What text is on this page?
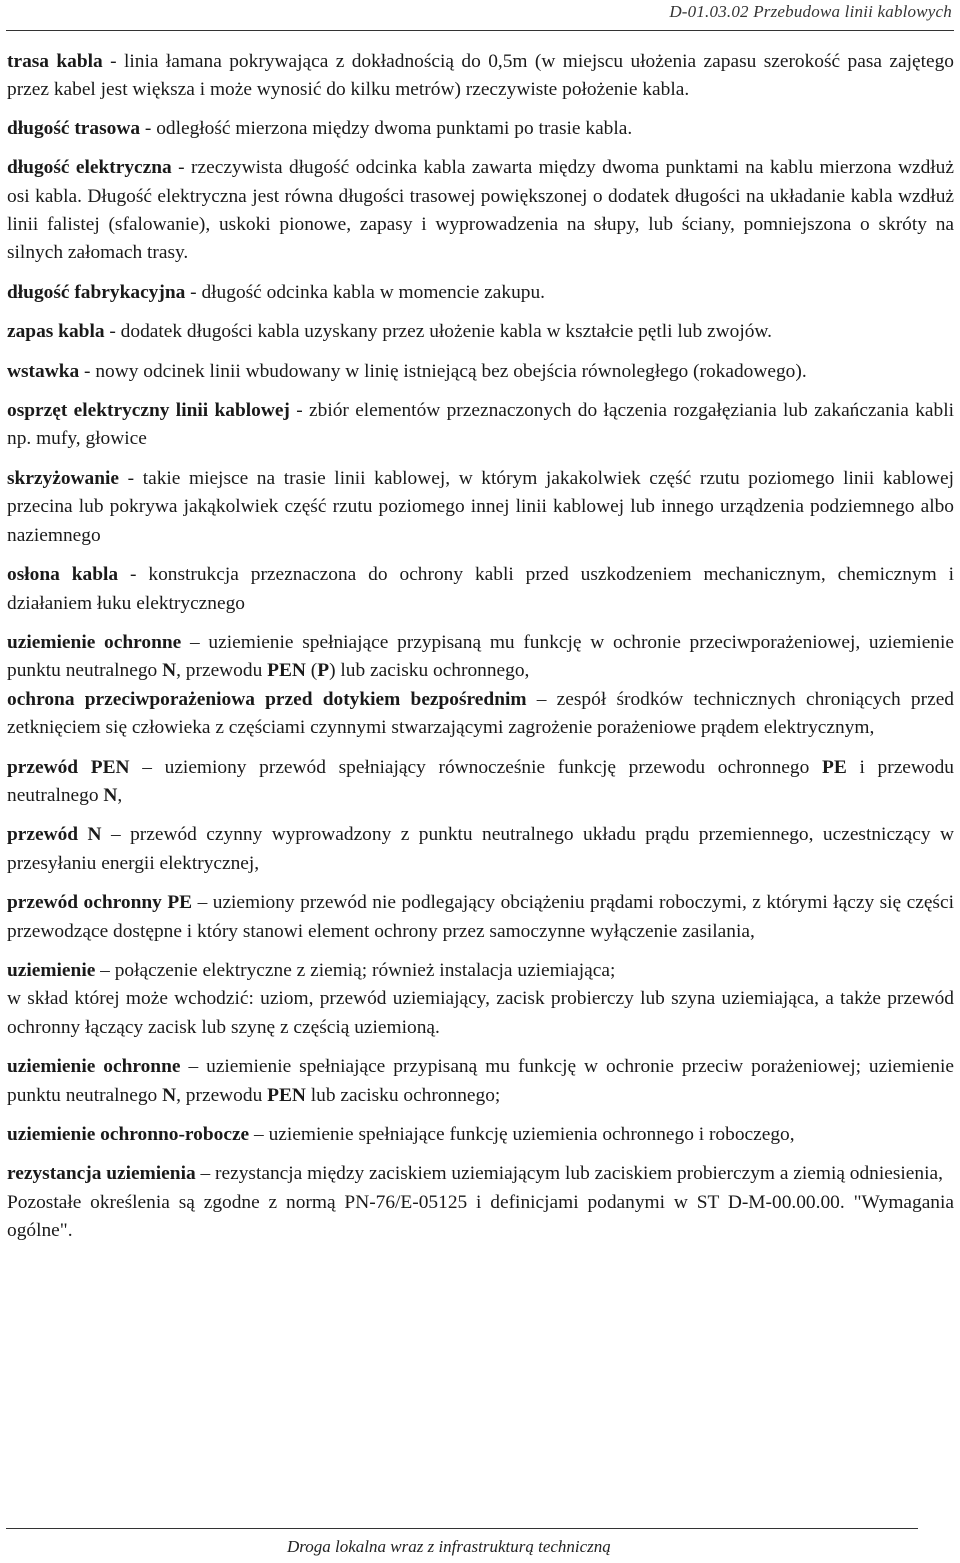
D-01.03.02 Przebudowa linii kablowych

trasa kabla - linia łamana pokrywająca z dokładnością do 0,5m (w miejscu ułożenia zapasu szerokość pasa zajętego przez kabel jest większa i może wynosić do kilku metrów) rzeczywiste położenie kabla.

długość trasowa - odległość mierzona między dwoma punktami po trasie kabla.

długość elektryczna - rzeczywista długość odcinka kabla zawarta między dwoma punktami na kablu mierzona wzdłuż osi kabla. Długość elektryczna jest równa długości trasowej powiększonej o dodatek długości na układanie kabla wzdłuż linii falistej (sfalowanie), uskoki pionowe, zapasy i wyprowadzenia na słupy, lub ściany, pomniejszona o skróty na silnych załomach trasy.

długość fabrykacyjna - długość odcinka kabla w momencie zakupu.

zapas kabla - dodatek długości kabla uzyskany przez ułożenie kabla w kształcie pętli lub zwojów.

wstawka - nowy odcinek linii wbudowany w linię istniejącą bez obejścia równoległego (rokadowego).

osprzęt elektryczny linii kablowej - zbiór elementów przeznaczonych do łączenia rozgałęziania lub zakańczania kabli np. mufy, głowice

skrzyżowanie - takie miejsce na trasie linii kablowej, w którym jakakolwiek część rzutu poziomego linii kablowej przecina lub pokrywa jakąkolwiek część rzutu poziomego innej linii kablowej lub innego urządzenia podziemnego albo naziemnego

osłona kabla - konstrukcja przeznaczona do ochrony kabli przed uszkodzeniem mechanicznym, chemicznym i działaniem łuku elektrycznego

uziemienie ochronne – uziemienie spełniające przypisaną mu funkcję w ochronie przeciwporażeniowej, uziemienie punktu neutralnego N, przewodu PEN (P) lub zacisku ochronnego,

ochrona przeciwporażeniowa przed dotykiem bezpośrednim – zespół środków technicznych chroniących przed zetknięciem się człowieka z częściami czynnymi stwarzającymi zagrożenie porażeniowe prądem elektrycznym,

przewód PEN – uziemiony przewód spełniający równocześnie funkcję przewodu ochronnego PE i przewodu neutralnego N,

przewód N – przewód czynny wyprowadzony z punktu neutralnego układu prądu przemiennego, uczestniczący w przesyłaniu energii elektrycznej,

przewód ochronny PE – uziemiony przewód nie podlegający obciążeniu prądami roboczymi, z którymi łączy się części przewodzące dostępne i który stanowi element ochrony przez samoczynne wyłączenie zasilania,

uziemienie – połączenie elektryczne z ziemią; również instalacja uziemiająca;

w skład której może wchodzić: uziom, przewód uziemiający, zacisk probierczy lub szyna uziemiająca, a także przewód ochronny łączący zacisk lub szynę z częścią uziemioną.

uziemienie ochronne – uziemienie spełniające przypisaną mu funkcję w ochronie przeciw porażeniowej; uziemienie punktu neutralnego N, przewodu PEN lub zacisku ochronnego;

uziemienie ochronno-robocze – uziemienie spełniające funkcję uziemienia ochronnego i roboczego,

rezystancja uziemienia – rezystancja między zaciskiem uziemiającym lub zaciskiem probierczym a ziemią odniesienia,

Pozostałe określenia są zgodne z normą PN-76/E-05125 i definicjami podanymi w ST D-M-00.00.00. "Wymagania ogólne".

Droga lokalna wraz z infrastrukturą techniczną
